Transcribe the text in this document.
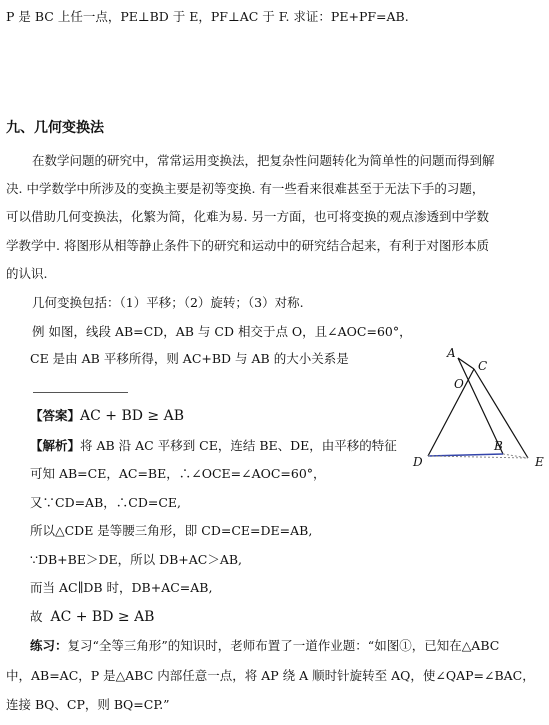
P 是 BC 上任一点，PE⊥BD 于 E，PF⊥AC 于 F. 求证：PE+PF=AB.
九、几何变换法
在数学问题的研究中，常常运用变换法，把复杂性问题转化为简单性的问题而得到解
决. 中学数学中所涉及的变换主要是初等变换. 有一些看来很难甚至于无法下手的习题，
可以借助几何变换法，化繁为简，化难为易. 另一方面，也可将变换的观点渗透到中学数
学教学中. 将图形从相等静止条件下的研究和运动中的研究结合起来，有利于对图形本质
的认识.
几何变换包括：（1）平移；（2）旋转；（3）对称.
例 如图，线段 AB=CD，AB 与 CD 相交于点 O，且∠AOC=60°，
CE 是由 AB 平移所得，则 AC+BD 与 AB 的大小关系是
【答案】AC + BD ≥ AB
【解析】将 AB 沿 AC 平移到 CE，连结 BE、DE，由平移的特征
可知 AB=CE，AC=BE，∴∠OCE=∠AOC=60°，
又∵CD=AB，∴CD=CE,
所以△CDE 是等腰三角形，即 CD=CE=DE=AB,
∵DB+BE＞DE，所以 DB+AC＞AB,
而当 AC∥DB 时，DB+AC=AB,
故 AC + BD ≥ AB
练习：复习“全等三角形”的知识时，老师布置了一道作业题：“如图①，已知在△ABC
中，AB=AC，P 是△ABC 内部任意一点，将 AP 绕 A 顺时针旋转至 AQ，使∠QAP=∠BAC，
连接 BQ、CP，则 BQ=CP.”
A
C
O
B
D	E
